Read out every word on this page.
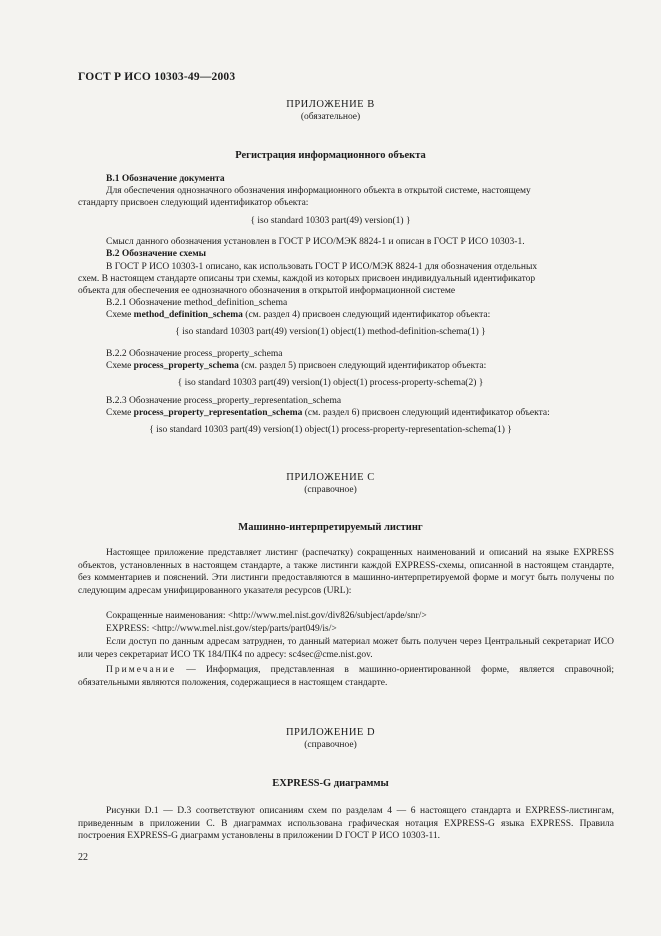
ГОСТ Р ИСО 10303-49—2003
ПРИЛОЖЕНИЕ B
(обязательное)
Регистрация информационного объекта
B.1 Обозначение документа
Для обеспечения однозначного обозначения информационного объекта в открытой системе, настоящему
стандарту присвоен следующий идентификатор объекта:
{ iso standard 10303 part(49) version(1) }
Смысл данного обозначения установлен в ГОСТ Р ИСО/МЭК 8824-1 и описан в ГОСТ Р ИСО 10303-1.
B.2 Обозначение схемы
В ГОСТ Р ИСО 10303-1 описано, как использовать ГОСТ Р ИСО/МЭК 8824-1 для обозначения отдельных
схем. В настоящем стандарте описаны три схемы, каждой из которых присвоен индивидуальный идентификатор
объекта для обеспечения ее однозначного обозначения в открытой информационной системе
B.2.1 Обозначение method_definition_schema
Схеме method_definition_schema (см. раздел 4) присвоен следующий идентификатор объекта:
{ iso standard 10303 part(49) version(1) object(1) method-definition-schema(1) }
B.2.2 Обозначение process_property_schema
Схеме process_property_schema (см. раздел 5) присвоен следующий идентификатор объекта:
{ iso standard 10303 part(49) version(1) object(1) process-property-schema(2) }
B.2.3 Обозначение process_property_representation_schema
Схеме process_property_representation_schema (см. раздел 6) присвоен следующий идентификатор объекта:
{ iso standard 10303 part(49) version(1) object(1) process-property-representation-schema(1) }
ПРИЛОЖЕНИЕ C
(справочное)
Машинно-интерпретируемый листинг
Настоящее приложение представляет листинг (распечатку) сокращенных наименований и описаний на языке EXPRESS объектов, установленных в настоящем стандарте, а также листинги каждой EXPRESS-схемы, описанной в настоящем стандарте, без комментариев и пояснений. Эти листинги предоставляются в машинно-интерпретируемой форме и могут быть получены по следующим адресам унифицированного указателя ресурсов (URL):
Сокращенные наименования: <http://www.mel.nist.gov/div826/subject/apde/snr/>
EXPRESS: <http://www.mel.nist.gov/step/parts/part049/is/>
Если доступ по данным адресам затруднен, то данный материал может быть получен через Центральный секретариат ИСО или через секретариат ИСО ТК 184/ПК4 по адресу: sc4sec@cme.nist.gov.
Примечание — Информация, представленная в машинно-ориентированной форме, является справочной; обязательными являются положения, содержащиеся в настоящем стандарте.
ПРИЛОЖЕНИЕ D
(справочное)
EXPRESS-G диаграммы
Рисунки D.1 — D.3 соответствуют описаниям схем по разделам 4 — 6 настоящего стандарта и EXPRESS-листингам, приведенным в приложении C. В диаграммах использована графическая нотация EXPRESS-G языка EXPRESS. Правила построения EXPRESS-G диаграмм установлены в приложении D ГОСТ Р ИСО 10303-11.
22
